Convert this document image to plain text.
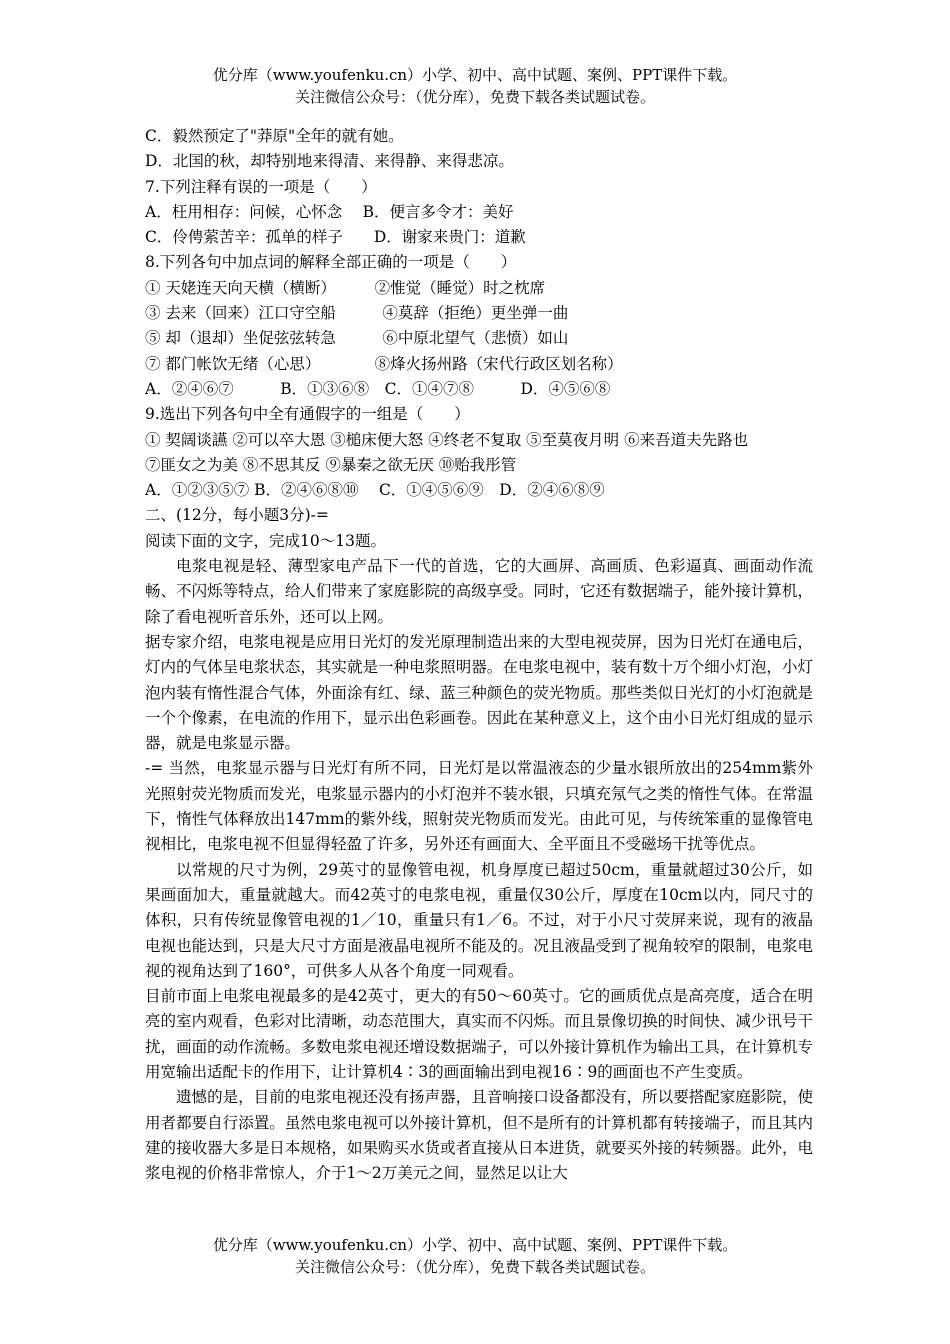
优分库（www.youfenku.cn）小学、初中、高中试题、案例、PPT课件下载。
关注微信公众号：（优分库），免费下载各类试题试卷。

C．毅然预定了"莽原"全年的就有她。

D．北国的秋，却特别地来得清、来得静、来得悲凉。

7.下列注释有误的一项是（　　）

A．枉用相存：问候，心怀念　 B．便言多令才：美好

C．伶俜萦苦辛：孤单的样子　　D．谢家来贵门：道歉

8.下列各句中加点词的解释全部正确的一项是（　　）

① 天姥连天向天横（横断）　　　②惟觉（睡觉）时之枕席

③ 去来（回来）江口守空船　　　④莫辞（拒绝）更坐弹一曲

⑤ 却（退却）坐促弦弦转急　　　⑥中原北望气（悲愤）如山

⑦ 都门帐饮无绪（心思）　　　　⑧烽火扬州路（宋代行政区划名称）

A．②④⑥⑦　　　B．①③⑥⑧　C．①④⑦⑧　　　D．④⑤⑥⑧

9.选出下列各句中全有通假字的一组是（　　）

① 契阔谈讌 ②可以卒大恩 ③槌床便大怒 ④终老不复取 ⑤至莫夜月明 ⑥来吾道夫先路也

⑦匪女之为美 ⑧不思其反 ⑨暴秦之欲无厌 ⑩贻我彤管

A．①②③⑤⑦ B．②④⑥⑧⑩　 C．①④⑤⑥⑨　D．②④⑥⑧⑨

二、(12分，每小题3分)-=

阅读下面的文字，完成10～13题。

电浆电视是轻、薄型家电产品下一代的首选，它的大画屏、高画质、色彩逼真、画面动作流畅、不闪烁等特点，给人们带来了家庭影院的高级享受。同时，它还有数据端子，能外接计算机，除了看电视听音乐外，还可以上网。

据专家介绍，电浆电视是应用日光灯的发光原理制造出来的大型电视荧屏，因为日光灯在通电后，灯内的气体呈电浆状态，其实就是一种电浆照明器。在电浆电视中，装有数十万个细小灯泡，小灯泡内装有惰性混合气体，外面涂有红、绿、蓝三种颜色的荧光物质。那些类似日光灯的小灯泡就是一个个像素，在电流的作用下，显示出色彩画卷。因此在某种意义上，这个由小日光灯组成的显示器，就是电浆显示器。

-= 当然，电浆显示器与日光灯有所不同，日光灯是以常温液态的少量水银所放出的254mm紫外光照射荧光物质而发光，电浆显示器内的小灯泡并不装水银，只填充氖气之类的惰性气体。在常温下，惰性气体释放出147mm的紫外线，照射荧光物质而发光。由此可见，与传统笨重的显像管电视相比，电浆电视不但显得轻盈了许多，另外还有画面大、全平面且不受磁场干扰等优点。

以常规的尺寸为例，29英寸的显像管电视，机身厚度已超过50cm，重量就超过30公斤，如果画面加大，重量就越大。而42英寸的电浆电视，重量仅30公斤，厚度在10cm以内，同尺寸的体积，只有传统显像管电视的1／10，重量只有1／6。不过，对于小尺寸荧屏来说，现有的液晶电视也能达到，只是大尺寸方面是液晶电视所不能及的。况且液晶受到了视角较窄的限制，电浆电视的视角达到了160°，可供多人从各个角度一同观看。

目前市面上电浆电视最多的是42英寸，更大的有50～60英寸。它的画质优点是高亮度，适合在明亮的室内观看，色彩对比清晰，动态范围大，真实而不闪烁。而且景像切换的时间快、减少讯号干扰，画面的动作流畅。多数电浆电视还增设数据端子，可以外接计算机作为输出工具，在计算机专用宽输出适配卡的作用下，让计算机4∶3的画面输出到电视16∶9的画面也不产生变质。

遗憾的是，目前的电浆电视还没有扬声器，且音响接口设备都没有，所以要搭配家庭影院，使用者都要自行添置。虽然电浆电视可以外接计算机，但不是所有的计算机都有转接端子，而且其内建的接收器大多是日本规格，如果购买水货或者直接从日本进货，就要买外接的转频器。此外，电浆电视的价格非常惊人，介于1～2万美元之间，显然足以让大

优分库（www.youfenku.cn）小学、初中、高中试题、案例、PPT课件下载。
关注微信公众号：（优分库），免费下载各类试题试卷。
